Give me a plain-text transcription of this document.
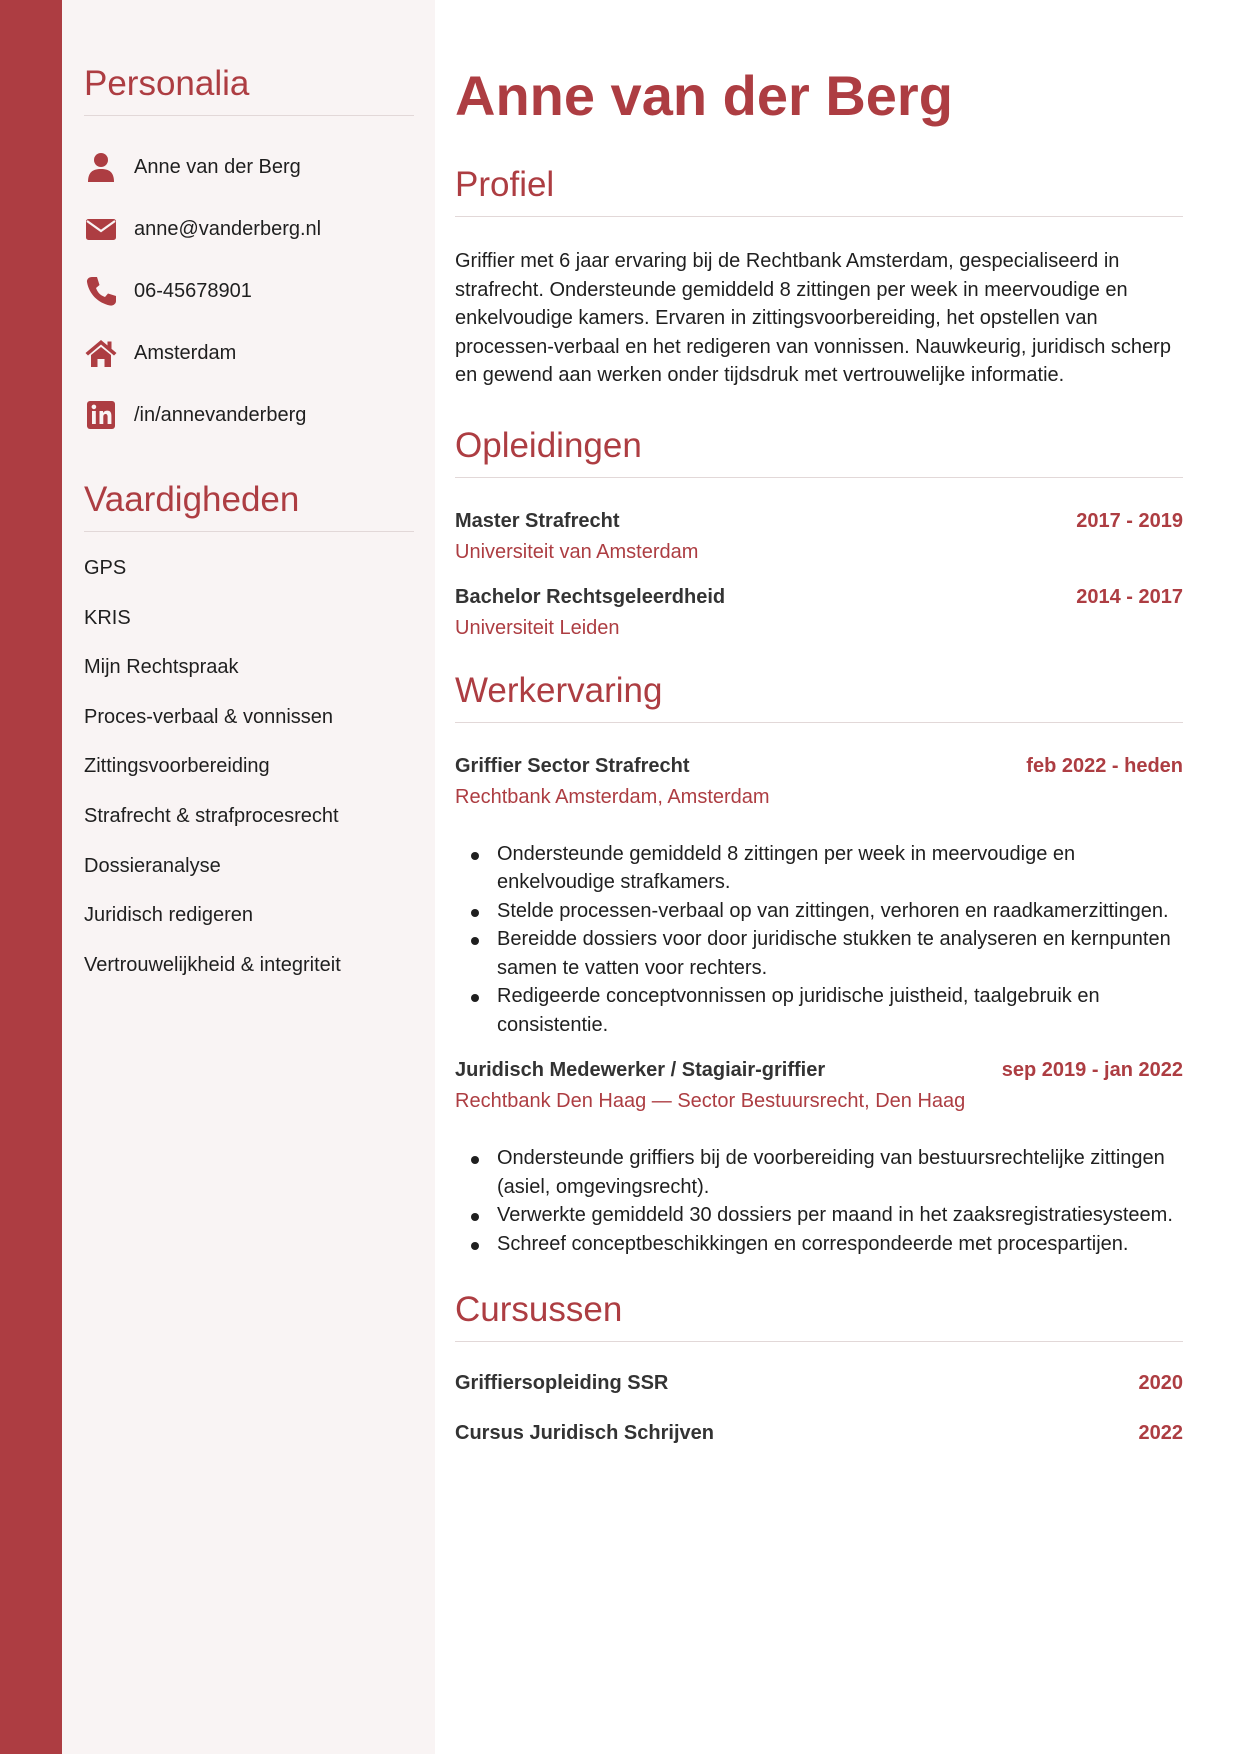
Personalia
Anne van der Berg
anne@vanderberg.nl
06-45678901
Amsterdam
/in/annevanderberg
Vaardigheden
GPS
KRIS
Mijn Rechtspraak
Proces-verbaal & vonnissen
Zittingsvoorbereiding
Strafrecht & strafprocesrecht
Dossieranalyse
Juridisch redigeren
Vertrouwelijkheid & integriteit
Anne van der Berg
Profiel

Griffier met 6 jaar ervaring bij de Rechtbank Amsterdam, gespecialiseerd in strafrecht. Ondersteunde gemiddeld 8 zittingen per week in meervoudige en enkelvoudige kamers. Ervaren in zittingsvoorbereiding, het opstellen van processen-verbaal en het redigeren van vonnissen. Nauwkeurig, juridisch scherp en gewend aan werken onder tijdsdruk met vertrouwelijke informatie.

Opleidingen
Master Strafrecht	2017 - 2019
Universiteit van Amsterdam
Bachelor Rechtsgeleerdheid	2014 - 2017
Universiteit Leiden
Werkervaring
Griffier Sector Strafrecht	feb 2022 - heden
Rechtbank Amsterdam, Amsterdam
Ondersteunde gemiddeld 8 zittingen per week in meervoudige en enkelvoudige strafkamers.
Stelde processen-verbaal op van zittingen, verhoren en raadkamerzittingen.
Bereidde dossiers voor door juridische stukken te analyseren en kernpunten samen te vatten voor rechters.
Redigeerde conceptvonnissen op juridische juistheid, taalgebruik en consistentie.
Juridisch Medewerker / Stagiair-griffier	sep 2019 - jan 2022
Rechtbank Den Haag — Sector Bestuursrecht, Den Haag
Ondersteunde griffiers bij de voorbereiding van bestuursrechtelijke zittingen (asiel, omgevingsrecht).
Verwerkte gemiddeld 30 dossiers per maand in het zaaksregistratiesysteem.
Schreef conceptbeschikkingen en correspondeerde met procespartijen.
Cursussen
Griffiersopleiding SSR	2020
Cursus Juridisch Schrijven	2022
